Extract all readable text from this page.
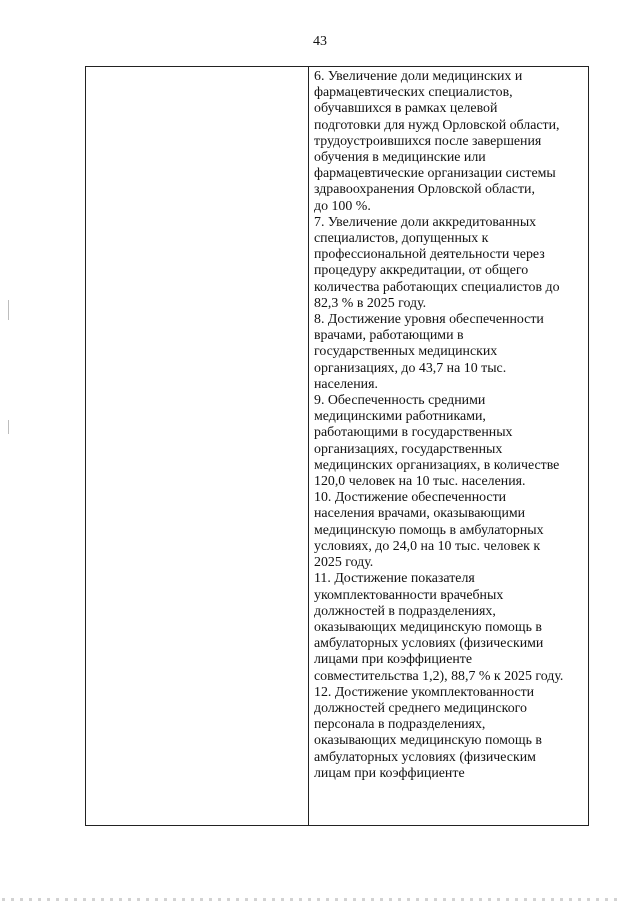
43
6. Увеличение доли медицинских и
фармацевтических специалистов,
обучавшихся в рамках целевой
подготовки для нужд Орловской области,
трудоустроившихся после завершения
обучения в медицинские или
фармацевтические организации системы
здравоохранения Орловской области,
до 100 %.
7. Увеличение доли аккредитованных
специалистов, допущенных к
профессиональной деятельности через
процедуру аккредитации, от общего
количества работающих специалистов до
82,3 % в 2025 году.
8. Достижение уровня обеспеченности
врачами, работающими в
государственных медицинских
организациях, до 43,7 на 10 тыс.
населения.
9. Обеспеченность средними
медицинскими работниками,
работающими в государственных
организациях, государственных
медицинских организациях, в количестве
120,0 человек на 10 тыс. населения.
10. Достижение обеспеченности
населения врачами, оказывающими
медицинскую помощь в амбулаторных
условиях, до 24,0 на 10 тыс. человек к
2025 году.
11. Достижение показателя
укомплектованности врачебных
должностей в подразделениях,
оказывающих медицинскую помощь в
амбулаторных условиях (физическими
лицами при коэффициенте
совместительства 1,2), 88,7 % к 2025 году.
12. Достижение укомплектованности
должностей среднего медицинского
персонала в подразделениях,
оказывающих медицинскую помощь в
амбулаторных условиях (физическим
лицам при коэффициенте
